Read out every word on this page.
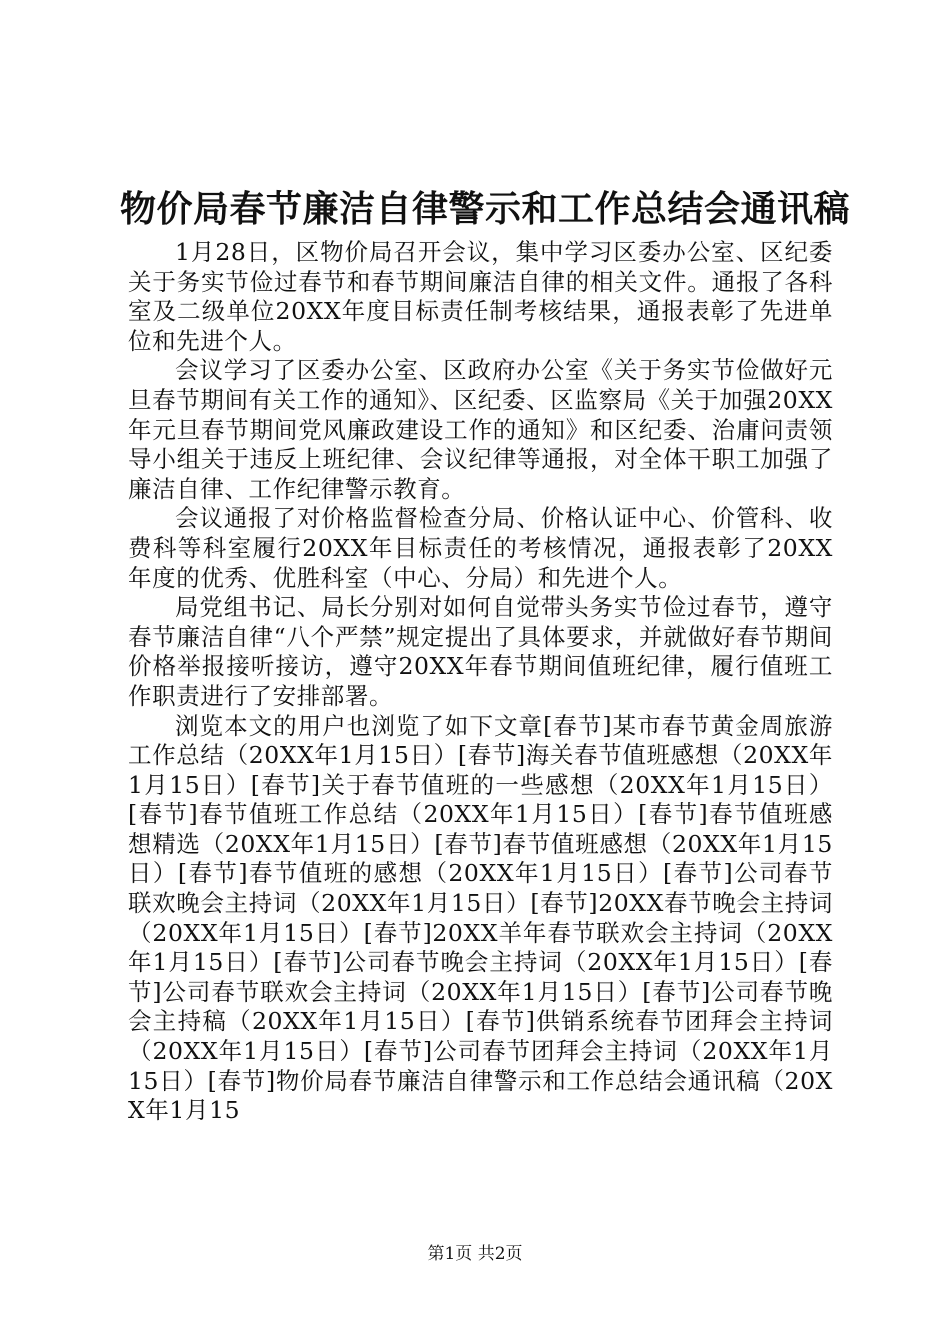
物价局春节廉洁自律警示和工作总结会通讯稿

1月28日，区物价局召开会议，集中学习区委办公室、区纪委关于务实节俭过春节和春节期间廉洁自律的相关文件。通报了各科室及二级单位20XX年度目标责任制考核结果，通报表彰了先进单位和先进个人。

会议学习了区委办公室、区政府办公室《关于务实节俭做好元旦春节期间有关工作的通知》、区纪委、区监察局《关于加强20XX年元旦春节期间党风廉政建设工作的通知》和区纪委、治庸问责领导小组关于违反上班纪律、会议纪律等通报，对全体干职工加强了廉洁自律、工作纪律警示教育。

会议通报了对价格监督检查分局、价格认证中心、价管科、收费科等科室履行20XX年目标责任的考核情况，通报表彰了20XX年度的优秀、优胜科室（中心、分局）和先进个人。

局党组书记、局长分别对如何自觉带头务实节俭过春节，遵守春节廉洁自律“八个严禁”规定提出了具体要求，并就做好春节期间价格举报接听接访，遵守20XX年春节期间值班纪律，履行值班工作职责进行了安排部署。

浏览本文的用户也浏览了如下文章[春节]某市春节黄金周旅游工作总结（20XX年1月15日）[春节]海关春节值班感想（20XX年1月15日）[春节]关于春节值班的一些感想（20XX年1月15日）[春节]春节值班工作总结（20XX年1月15日）[春节]春节值班感想精选（20XX年1月15日）[春节]春节值班感想（20XX年1月15日）[春节]春节值班的感想（20XX年1月15日）[春节]公司春节联欢晚会主持词（20XX年1月15日）[春节]20XX春节晚会主持词（20XX年1月15日）[春节]20XX羊年春节联欢会主持词（20XX年1月15日）[春节]公司春节晚会主持词（20XX年1月15日）[春节]公司春节联欢会主持词（20XX年1月15日）[春节]公司春节晚会主持稿（20XX年1月15日）[春节]供销系统春节团拜会主持词（20XX年1月15日）[春节]公司春节团拜会主持词（20XX年1月15日）[春节]物价局春节廉洁自律警示和工作总结会通讯稿（20XX年1月15

第1页 共2页
